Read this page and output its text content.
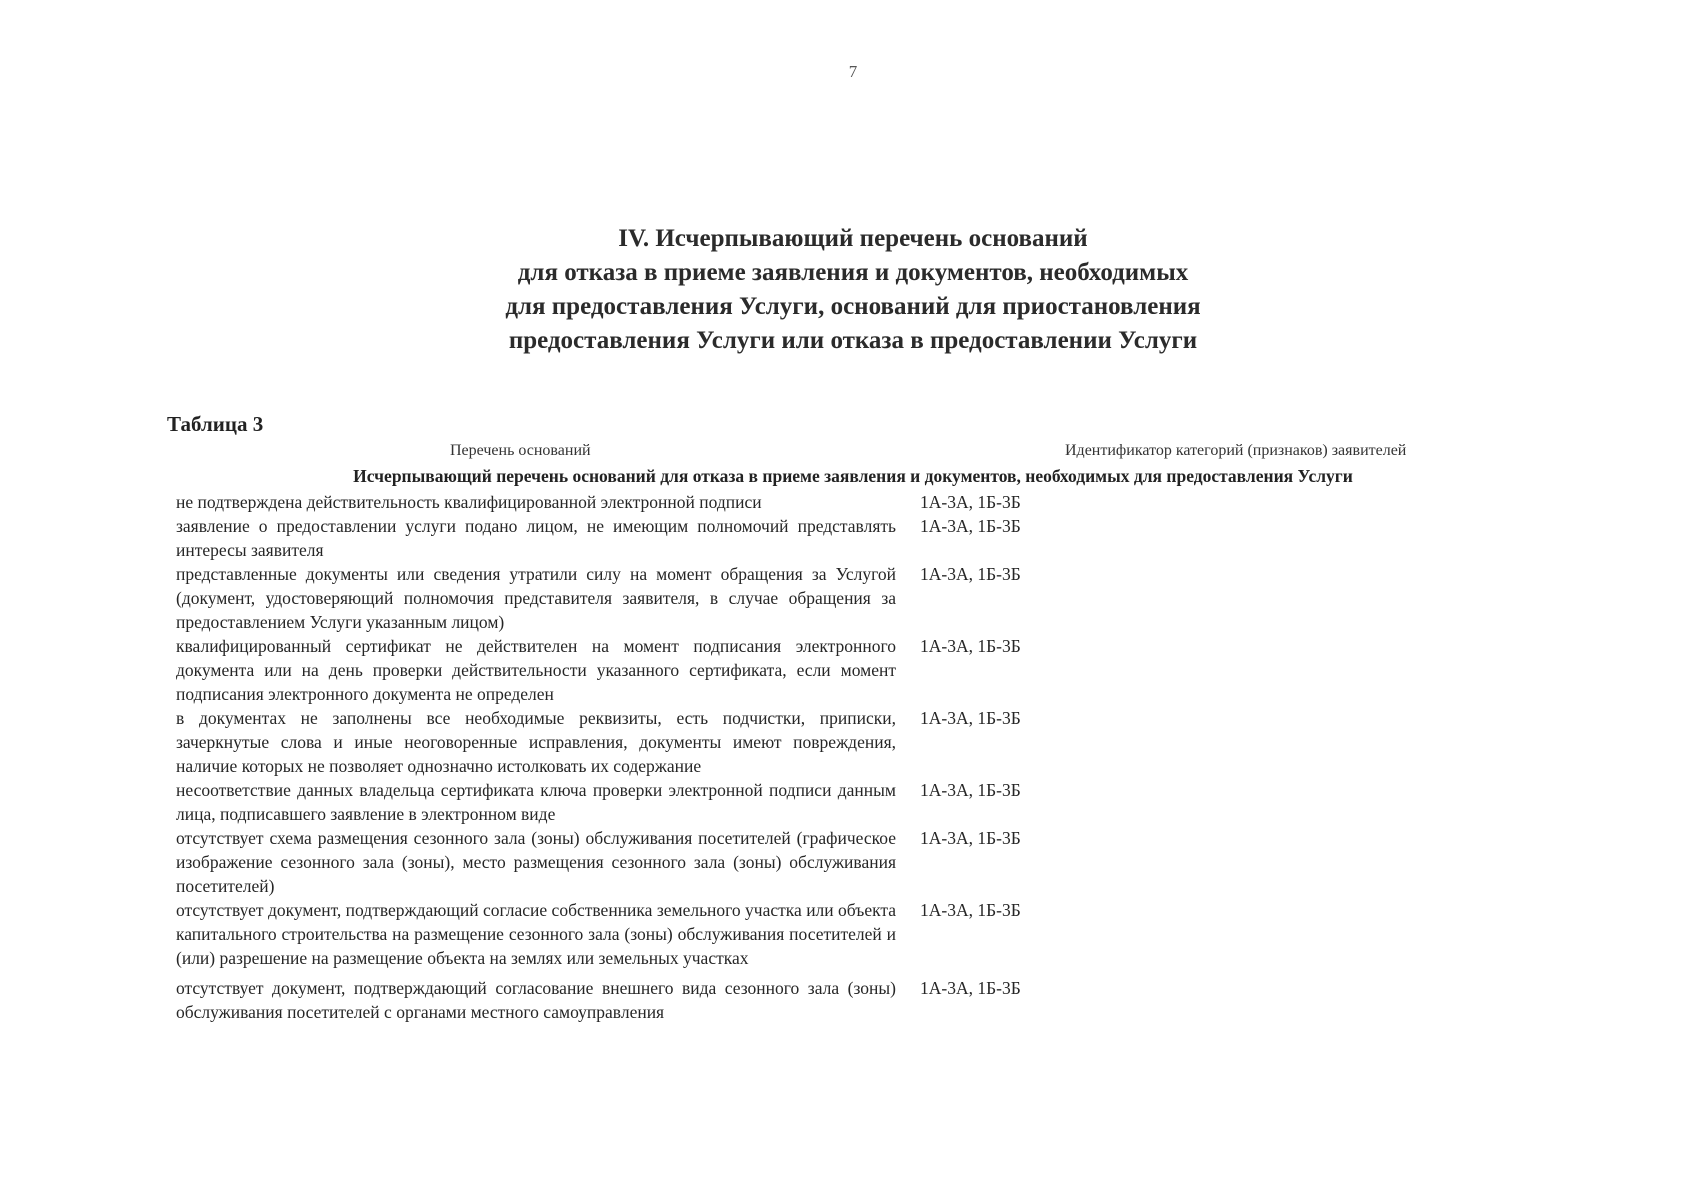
7
IV. Исчерпывающий перечень оснований
для отказа в приеме заявления и документов, необходимых
для предоставления Услуги, оснований для приостановления
предоставления Услуги или отказа в предоставлении Услуги
Таблица 3
Перечень оснований	Идентификатор категорий (признаков) заявителей
Исчерпывающий перечень оснований для отказа в приеме заявления и документов, необходимых для предоставления Услуги
не подтверждена действительность квалифицированной электронной подписи	1А-3А, 1Б-3Б
заявление о предоставлении услуги подано лицом, не имеющим полномочий представлять интересы заявителя
1А-3А, 1Б-3Б
представленные документы или сведения утратили силу на момент обращения за Услугой (документ, удостоверяющий полномочия представителя заявителя, в случае обращения за предоставлением Услуги указанным лицом)
1А-3А, 1Б-3Б
квалифицированный сертификат не действителен на момент подписания электронного документа или на день проверки действительности указанного сертификата, если момент подписания электронного документа не определен
1А-3А, 1Б-3Б
в документах не заполнены все необходимые реквизиты, есть подчистки, приписки, зачеркнутые слова и иные неоговоренные исправления, документы имеют повреждения, наличие которых не позволяет однозначно истолковать их содержание
1А-3А, 1Б-3Б
несоответствие данных владельца сертификата ключа проверки электронной подписи данным лица, подписавшего заявление в электронном виде
1А-3А, 1Б-3Б
отсутствует схема размещения сезонного зала (зоны) обслуживания посетителей (графическое изображение сезонного зала (зоны), место размещения сезонного зала (зоны) обслуживания посетителей)
1А-3А, 1Б-3Б
отсутствует документ, подтверждающий согласие собственника земельного участка или объекта капитального строительства на размещение сезонного зала (зоны) обслуживания посетителей и (или) разрешение на размещение объекта на землях или земельных участках
1А-3А, 1Б-3Б
отсутствует документ, подтверждающий согласование внешнего вида сезонного зала (зоны) обслуживания посетителей с органами местного самоуправления
1А-3А, 1Б-3Б
